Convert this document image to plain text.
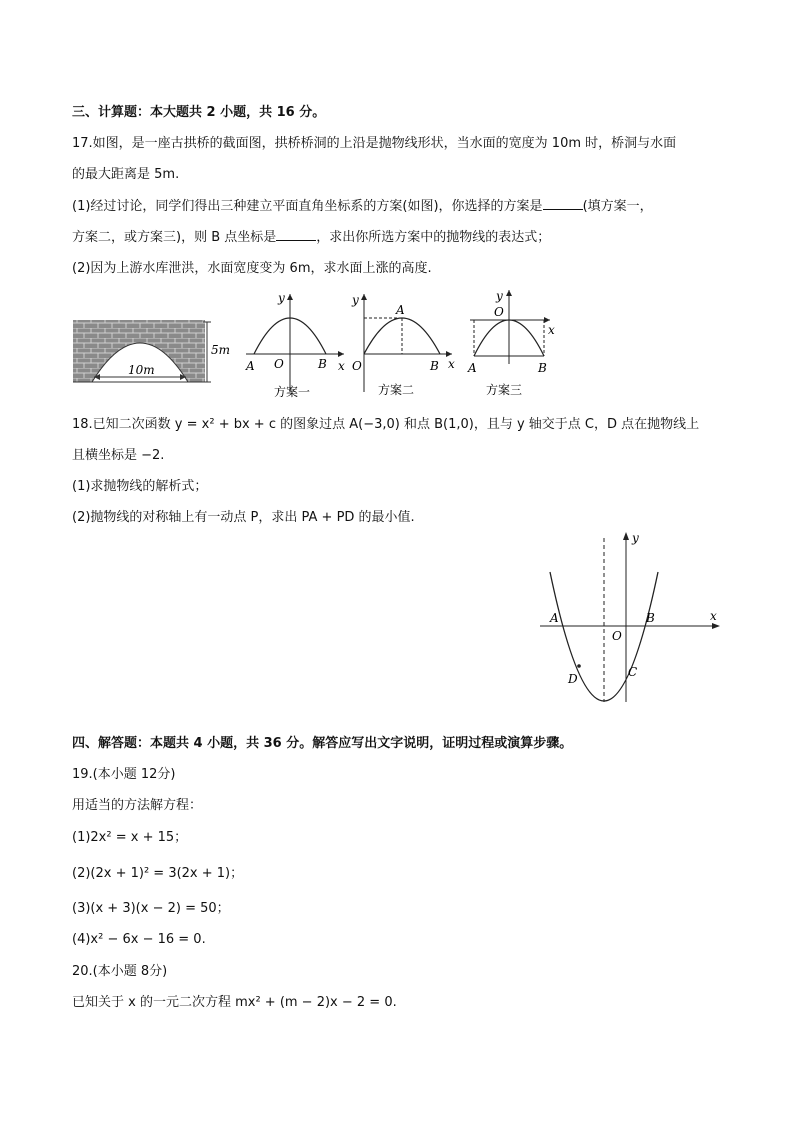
三、计算题：本大题共 2 小题，共 16 分。
17.如图，是一座古拱桥的截面图，拱桥桥洞的上沿是抛物线形状，当水面的宽度为 10m 时，桥洞与水面
的最大距离是 5m.
(1)经过讨论，同学们得出三种建立平面直角坐标系的方案(如图)，你选择的方案是	(填方案一，
方案二，或方案三)，则 B 点坐标是	，求出你所选方案中的抛物线的表达式；
(2)因为上游水库泄洪，水面宽度变为 6m，求水面上涨的高度.
5m
10m
y
x
A O	B
方案一
y
A
x
O	B
方案二
y
O
x
A	B
方案三
18.已知二次函数 y = x² + bx + c 的图象过点 A(−3,0) 和点 B(1,0)，且与 y 轴交于点 C，D 点在抛物线上
且横坐标是 −2.
(1)求抛物线的解析式；
(2)抛物线的对称轴上有一动点 P，求出 PA + PD 的最小值.
y
x
A	B
O
C
D
四、解答题：本题共 4 小题，共 36 分。解答应写出文字说明，证明过程或演算步骤。
19.(本小题 12分)
用适当的方法解方程：
(1)2x² = x + 15；
(2)(2x + 1)² = 3(2x + 1)；
(3)(x + 3)(x − 2) = 50；
(4)x² − 6x − 16 = 0.
20.(本小题 8分)
已知关于 x 的一元二次方程 mx² + (m − 2)x − 2 = 0.
